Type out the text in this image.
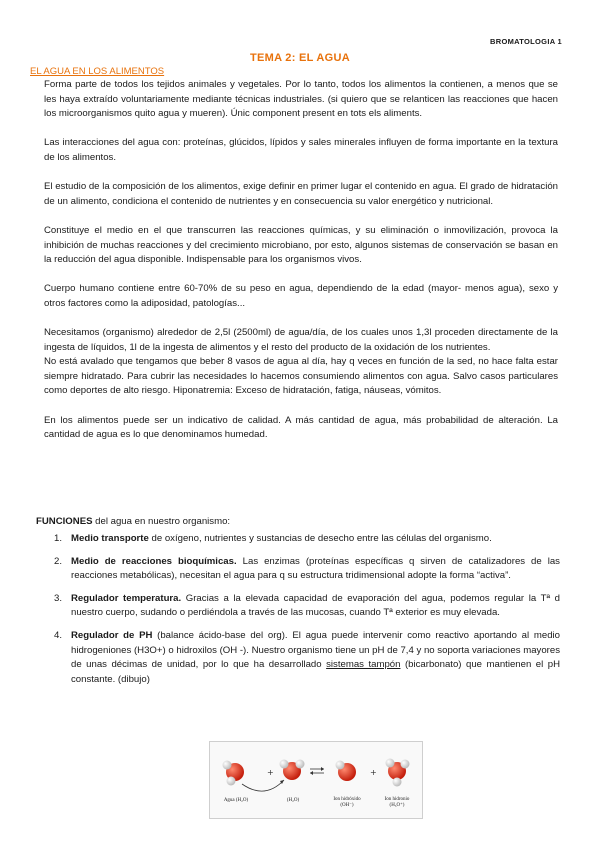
BROMATOLOGIA 1
TEMA 2: EL AGUA
EL AGUA EN LOS ALIMENTOS

Forma parte de todos los tejidos animales y vegetales. Por lo tanto, todos los alimentos la contienen, a menos que se les haya extraído voluntariamente mediante técnicas industriales. (si quiero que se relanticen las reacciones que hacen los microorganismos quito agua y mueren). Únic component present en tots els aliments.

Las interacciones del agua con: proteínas, glúcidos, lípidos y sales minerales influyen de forma importante en la textura de los alimentos.

El estudio de la composición de los alimentos, exige definir en primer lugar el contenido en agua. El grado de hidratación de un alimento, condiciona el contenido de nutrientes y en consecuencia su valor energético y nutricional.

Constituye el medio en el que transcurren las reacciones químicas, y su eliminación o inmovilización, provoca la inhibición de muchas reacciones y del crecimiento microbiano, por esto, algunos sistemas de conservación se basan en la reducción del agua disponible. Indispensable para los organismos vivos.

Cuerpo humano contiene entre 60-70% de su peso en agua, dependiendo de la edad (mayor- menos agua), sexo y otros factores como la adiposidad, patologías...

Necesitamos (organismo) alrededor de 2,5l (2500ml) de agua/día, de los cuales unos 1,3l proceden directamente de la ingesta de líquidos, 1l de la ingesta de alimentos y el resto del producto de la oxidación de los nutrientes.

No está avalado que tengamos que beber 8 vasos de agua al día, hay q veces en función de la sed, no hace falta estar siempre hidratado. Para cubrir las necesidades lo hacemos consumiendo alimentos con agua. Salvo casos particulares como deportes de alto riesgo. Hiponatremia: Exceso de hidratación, fatiga, náuseas, vómitos.

En los alimentos puede ser un indicativo de calidad. A más cantidad de agua, más probabilidad de alteración. La cantidad de agua es lo que denominamos humedad.

FUNCIONES del agua en nuestro organismo:
1. Medio transporte de oxígeno, nutrientes y sustancias de desecho entre las células del organismo.
2. Medio de reacciones bioquímicas. Las enzimas (proteínas específicas q sirven de catalizadores de las reacciones metabólicas), necesitan el agua para q su estructura tridimensional adopte la forma “activa”.
3. Regulador temperatura. Gracias a la elevada capacidad de evaporación del agua, podemos regular la Tª d nuestro cuerpo, sudando o perdiéndola a través de las mucosas, cuando Tª exterior es muy elevada.
4. Regulador de PH (balance ácido-base del org). El agua puede intervenir como reactivo aportando al medio hidrogeniones (H3O+) o hidroxilos (OH -). Nuestro organismo tiene un pH de 7,4 y no soporta variaciones mayores de unas décimas de unidad, por lo que ha desarrollado sistemas tampón (bicarbonato) que mantienen el pH constante. (dibujo)
+	+
Agua (H₂O)	(H₂O)	Ion hidróxido (OH⁻)
Ion hidronio (H₃O⁺)
